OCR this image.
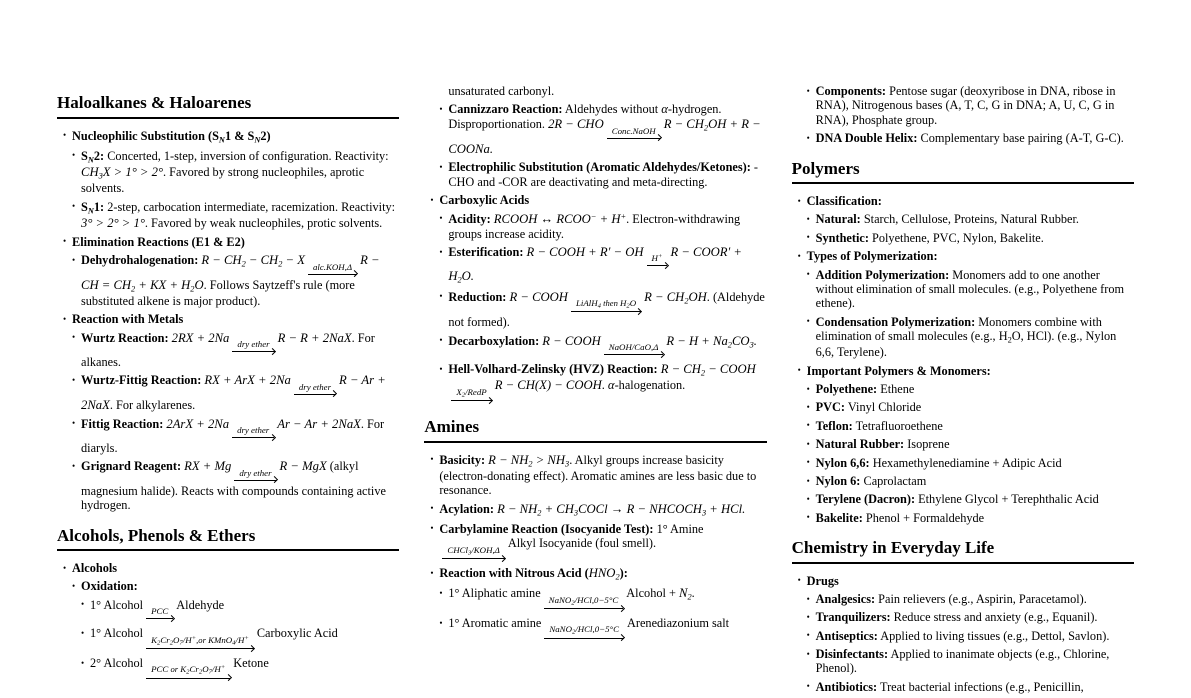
Haloalkanes & Haloarenes
• Nucleophilic Substitution ($S_N1$ & $S_N2$)
• $S_N2$: Concerted, 1-step, inversion of configuration. Reactivity: $CH_3X > 1^\circ > 2^\circ$. Favored by strong nucleophiles, aprotic solvents.
• $S_N1$: 2-step, carbocation intermediate, racemization. Reactivity: 3° > 2° > 1°. Favored by weak nucleophiles, protic solvents.
• Elimination Reactions (E1 & E2)
• Dehydrohalogenation: $R - CH_2 - CH_2 - X$ alc.KOH,Δ R − CH = $CH_2$ + KX + $H_2O$. Follows Saytzeff's rule (more substituted alkene is major product).
• Reaction with Metals
• Wurtz Reaction: 2RX + 2Na dry ether R − R + 2NaX. For alkanes.
• Wurtz-Fittig Reaction: RX + ArX + 2Na dry ether R − Ar + 2NaX. For alkylarenes.
• Fittig Reaction: 2ArX + 2Na dry ether Ar − Ar + 2NaX. For diaryls.
• Grignard Reagent: RX + Mg dry ether R − MgX (alkyl magnesium halide). Reacts with compounds containing active hydrogen.
Alcohols, Phenols & Ethers
• Alcohols
• Oxidation:
• 1° Alcohol PCC Aldehyde
• 1° Alcohol K2Cr2O7/H+,or KMnO4/H+ Carboxylic Acid
• 2° Alcohol PCC or K2Cr2O7/H+ Ketone
unsaturated carbonyl.
• Cannizzaro Reaction: Aldehydes without α-hydrogen. Disproportionation. 2R − CHO Conc.NaOH $R - CH_2OH + R$ − COONa.
• Electrophilic Substitution (Aromatic Aldehydes/Ketones): -CHO and -COR are deactivating and meta-directing.
• Carboxylic Acids
• Acidity: RCOOH ↔ RCOO− + H+. Electron-withdrawing groups increase acidity.
• Esterification: R − COOH + R′ − OH H+ R − COOR′ + $H_2O$.
• Reduction: R − COOH LiAlH4 then H2O $R - CH_2OH$. (Aldehyde not formed).
• Decarboxylation: R − COOH NaOH/CaO,Δ $R - H + Na_2CO_3$.
• Hell-Volhard-Zelinsky (HVZ) Reaction: $R - CH_2$ − COOH
X2/RedP R − CH(X) − COOH. α-halogenation.
Amines
• Basicity: $R - NH_2 > NH_3$. Alkyl groups increase basicity (electron-donating effect). Aromatic amines are less basic due to resonance.
• Acylation: $R - NH_2$ + $CH_3COCl \to R$ − $NHCOCH_3$ + HCl.
• Carbylamine Reaction (Isocyanide Test): 1° Amine
CHCl3/KOH,Δ Alkyl Isocyanide (foul smell).
• Reaction with Nitrous Acid $(HNO_2)$:
• 1° Aliphatic amine NaNO2/HCl,0−5°C Alcohol + $N_2$.
• 1° Aromatic amine NaNO2/HCl,0−5°C Arenediazonium salt
• Components: Pentose sugar (deoxyribose in DNA, ribose in RNA), Nitrogenous bases (A, T, C, G in DNA; A, U, C, G in RNA), Phosphate group.
• DNA Double Helix: Complementary base pairing (A-T, G-C).
Polymers
• Classification:
• Natural: Starch, Cellulose, Proteins, Natural Rubber.
• Synthetic: Polyethene, PVC, Nylon, Bakelite.
• Types of Polymerization:
• Addition Polymerization: Monomers add to one another without elimination of small molecules. (e.g., Polyethene from ethene).
• Condensation Polymerization: Monomers combine with elimination of small molecules (e.g., $H_2O$, HCl). (e.g., Nylon 6,6, Terylene).
• Important Polymers & Monomers:
• Polyethene: Ethene
• PVC: Vinyl Chloride
• Teflon: Tetrafluoroethene
• Natural Rubber: Isoprene
• Nylon 6,6: Hexamethylenediamine + Adipic Acid
• Nylon 6: Caprolactam
• Terylene (Dacron): Ethylene Glycol + Terephthalic Acid
• Bakelite: Phenol + Formaldehyde
Chemistry in Everyday Life
• Drugs
• Analgesics: Pain relievers (e.g., Aspirin, Paracetamol).
• Tranquilizers: Reduce stress and anxiety (e.g., Equanil).
• Antiseptics: Applied to living tissues (e.g., Dettol, Savlon).
• Disinfectants: Applied to inanimate objects (e.g., Chlorine, Phenol).
• Antibiotics: Treat bacterial infections (e.g., Penicillin,
